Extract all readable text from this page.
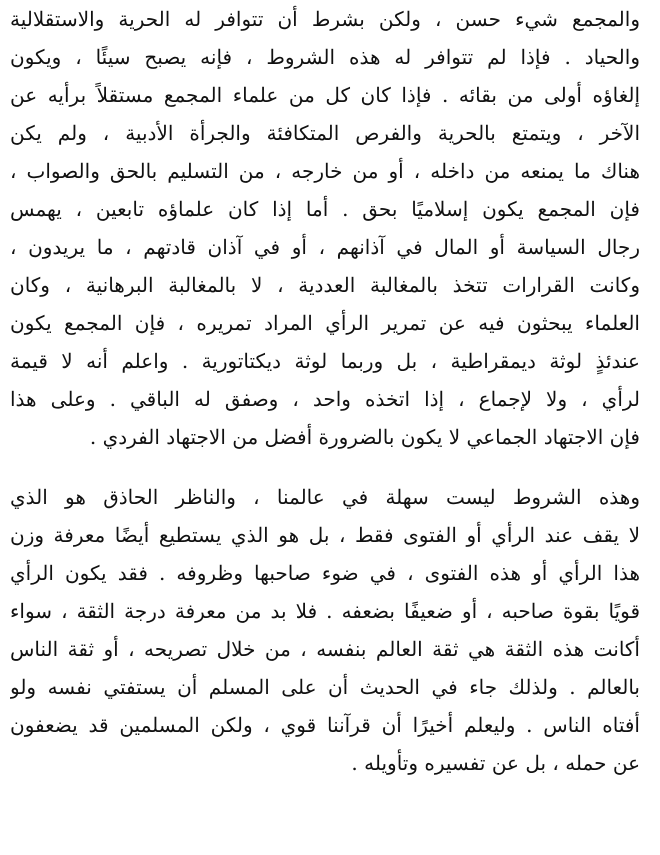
والمجمع شيء حسن ، ولكن بشرط أن تتوافر له الحرية والاستقلالية
والحياد . فإذا لم تتوافر له هذه الشروط ، فإنه يصبح سيئًا ، ويكون
إلغاؤه أولى من بقائه . فإذا كان كل من علماء المجمع مستقلاً برأيه عن
الآخر ، ويتمتع بالحرية والفرص المتكافئة والجرأة الأدبية ، ولم يكن
هناك ما يمنعه من داخله ، أو من خارجه ، من التسليم بالحق والصواب ،
فإن المجمع يكون إسلاميًا بحق . أما إذا كان علماؤه تابعين ، يهمس
رجال السياسة أو المال في آذانهم ، أو في آذان قادتهم ، ما يريدون ،
وكانت القرارات تتخذ بالمغالبة العددية ، لا بالمغالبة البرهانية ، وكان
العلماء يبحثون فيه عن تمرير الرأي المراد تمريره ، فإن المجمع يكون
عندئذٍ لوثة ديمقراطية ، بل وربما لوثة ديكتاتورية . واعلم أنه لا قيمة
لرأي ، ولا لإجماع ، إذا اتخذه واحد ، وصفق له الباقي . وعلى هذا
فإن الاجتهاد الجماعي لا يكون بالضرورة أفضل من الاجتهاد الفردي .
وهذه الشروط ليست سهلة في عالمنا ، والناظر الحاذق هو الذي
لا يقف عند الرأي أو الفتوى فقط ، بل هو الذي يستطيع أيضًا معرفة وزن
هذا الرأي أو هذه الفتوى ، في ضوء صاحبها وظروفه . فقد يكون الرأي
قويًا بقوة صاحبه ، أو ضعيفًا بضعفه . فلا بد من معرفة درجة الثقة ، سواء
أكانت هذه الثقة هي ثقة العالم بنفسه ، من خلال تصريحه ، أو ثقة الناس
بالعالم . ولذلك جاء في الحديث أن على المسلم أن يستفتي نفسه ولو
أفتاه الناس . وليعلم أخيرًا أن قرآننا قوي ، ولكن المسلمين قد يضعفون
عن حمله ، بل عن تفسيره وتأويله .
